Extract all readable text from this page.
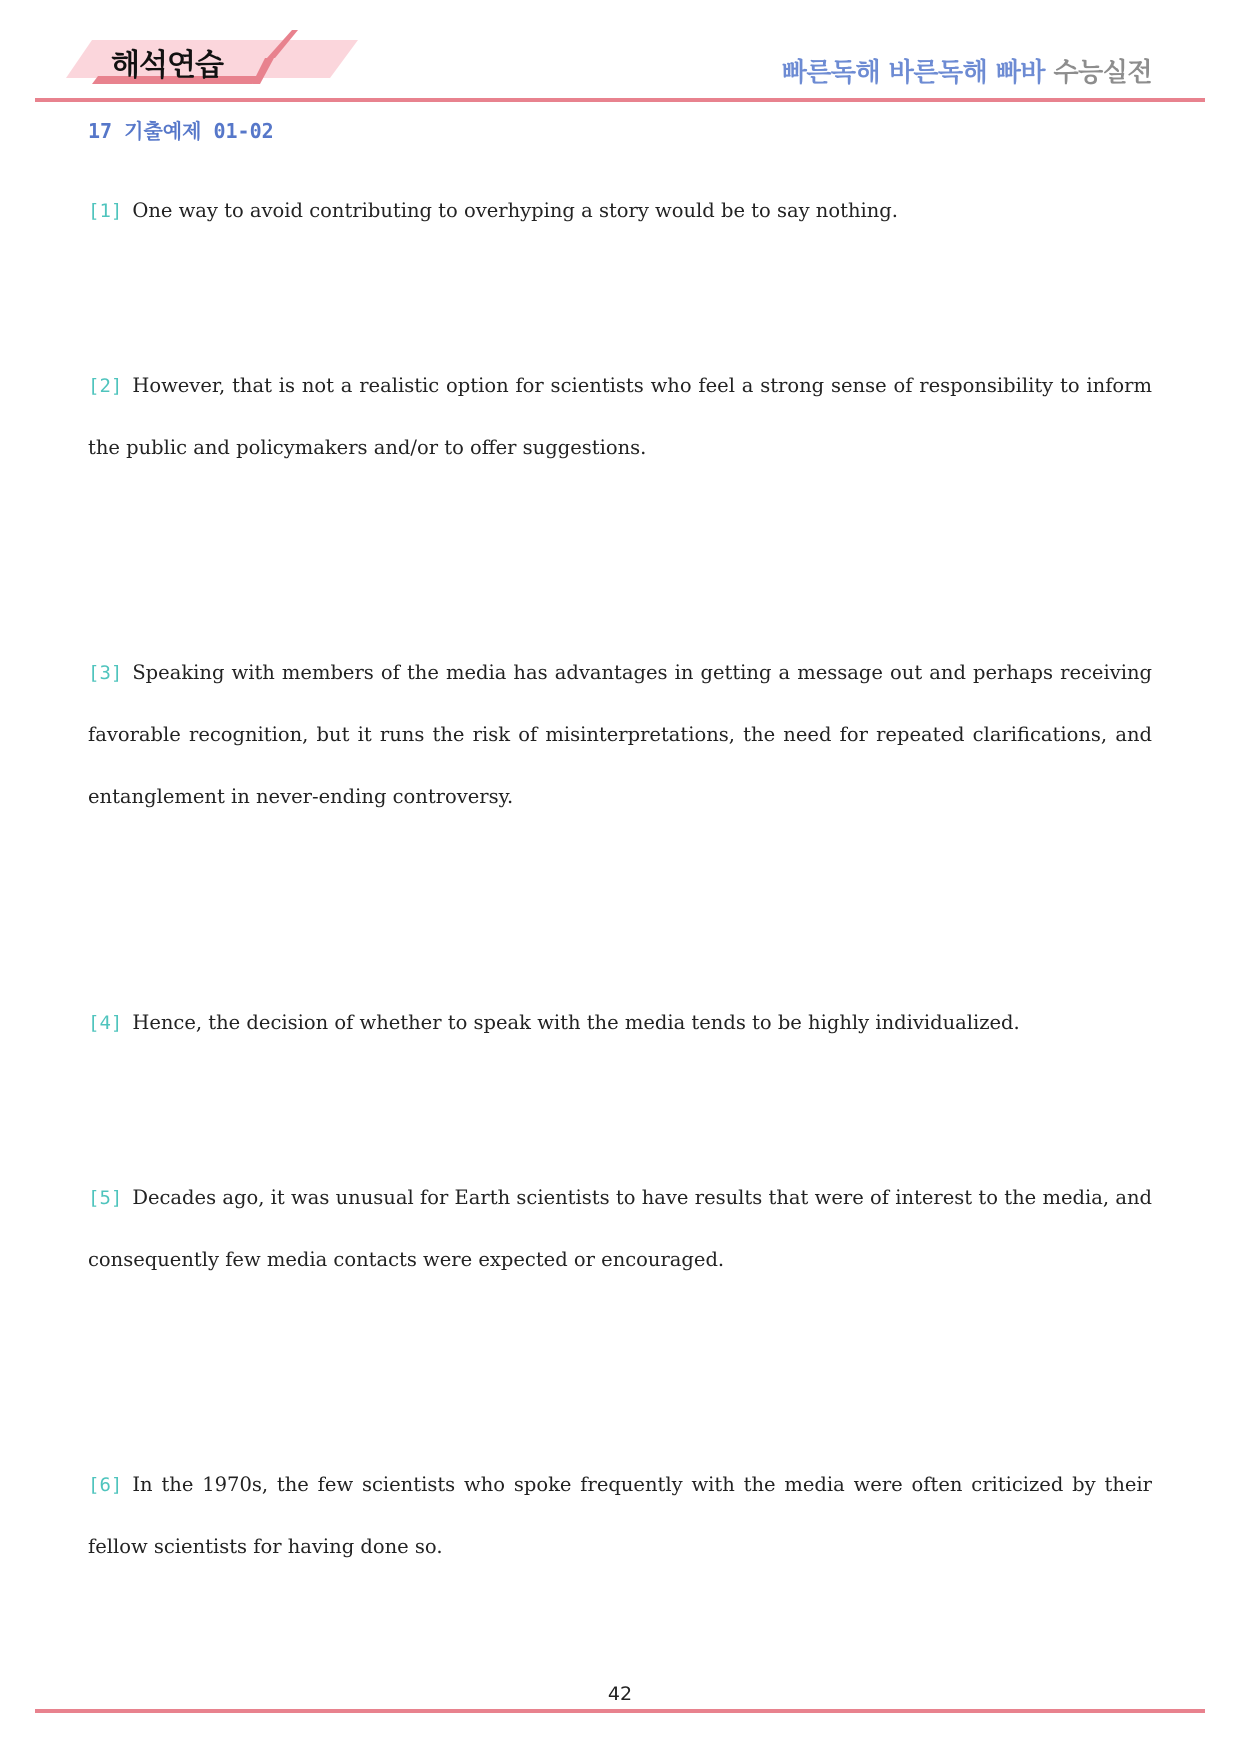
해석연습	빠른독해 바른독해 빠바 수능실전
17 기출예제 01-02
[1] One way to avoid contributing to overhyping a story would be to say nothing.
[2] However, that is not a realistic option for scientists who feel a strong sense of responsibility to inform the public and policymakers and/or to offer suggestions.
[3] Speaking with members of the media has advantages in getting a message out and perhaps receiving favorable recognition, but it runs the risk of misinterpretations, the need for repeated clarifications, and entanglement in never-ending controversy.
[4] Hence, the decision of whether to speak with the media tends to be highly individualized.
[5] Decades ago, it was unusual for Earth scientists to have results that were of interest to the media, and consequently few media contacts were expected or encouraged.
[6] In the 1970s, the few scientists who spoke frequently with the media were often criticized by their fellow scientists for having done so.
42
